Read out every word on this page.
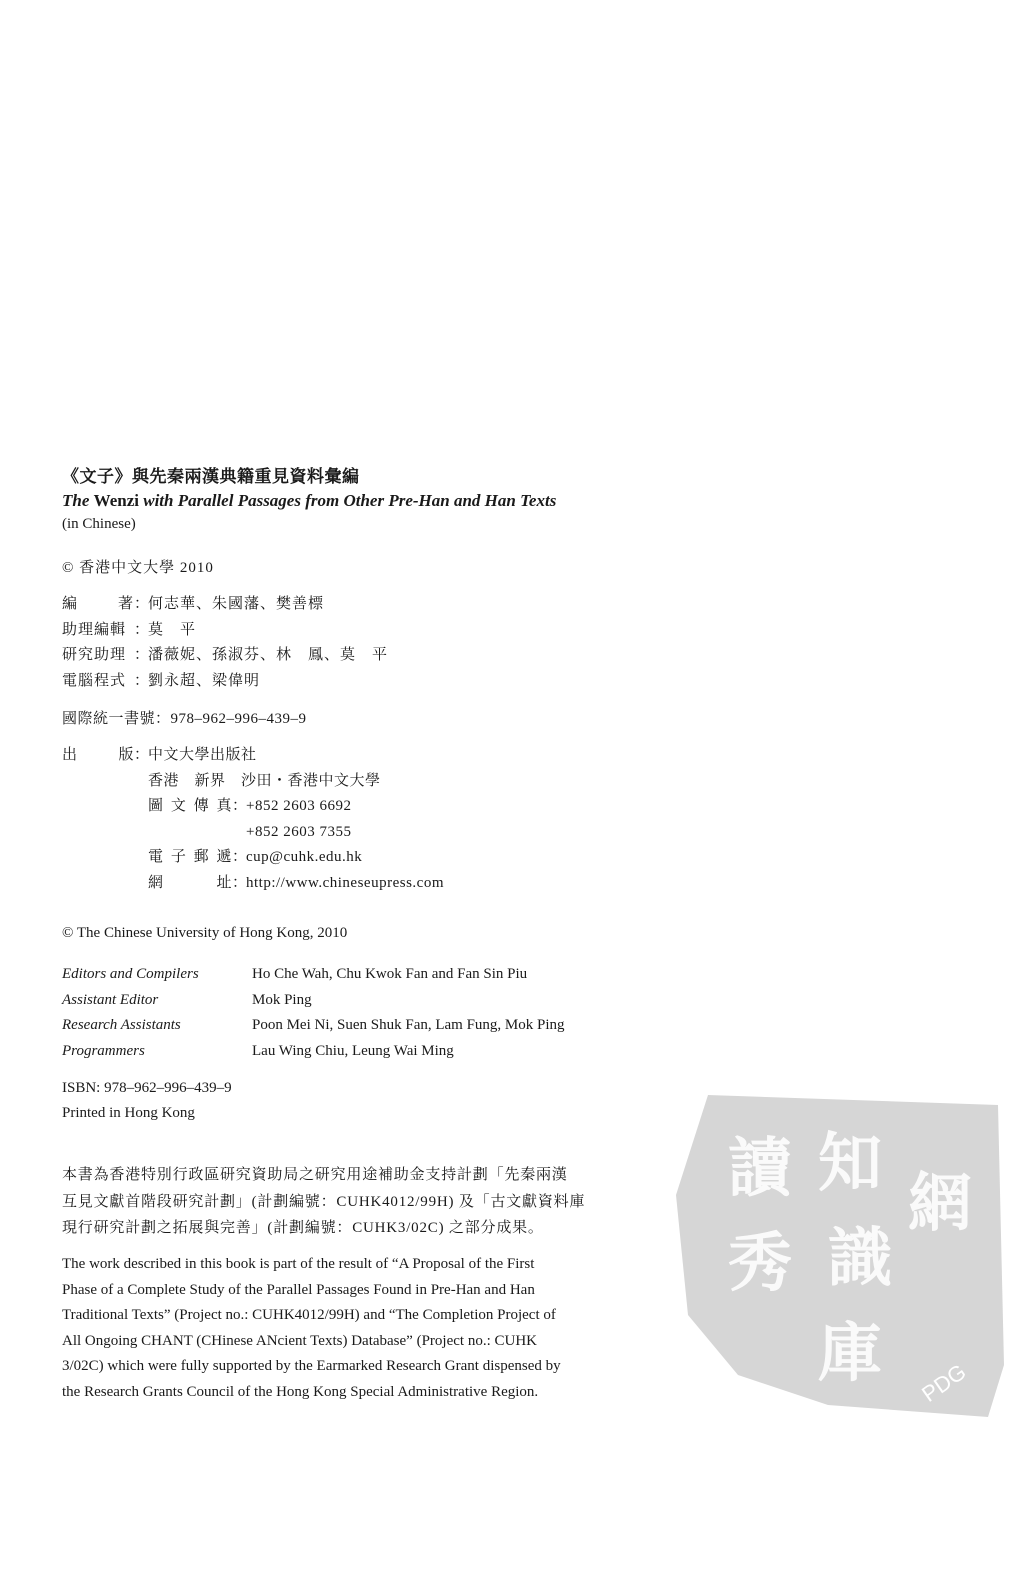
《文子》與先秦兩漢典籍重見資料彙編
The Wenzi with Parallel Passages from Other Pre-Han and Han Texts
(in Chinese)
© 香港中文大學 2010
編著：何志華、朱國藩、樊善標
助理編輯 ：莫　平
研究助理 ：潘薇妮、孫淑芬、林　鳳、莫　平
電腦程式 ：劉永超、梁偉明
國際統一書號：978–962–996–439–9
出版：中文大學出版社
香港　新界　沙田・香港中文大學
圖文傳真：+852 2603 6692
+852 2603 7355
電子郵遞：cup@cuhk.edu.hk
網址：http://www.chineseupress.com
© The Chinese University of Hong Kong, 2010
Editors and Compilers	Ho Che Wah, Chu Kwok Fan and Fan Sin Piu
Assistant Editor	Mok Ping
Research Assistants	Poon Mei Ni, Suen Shuk Fan, Lam Fung, Mok Ping
Programmers	Lau Wing Chiu, Leung Wai Ming
ISBN: 978–962–996–439–9
Printed in Hong Kong
本書為香港特別行政區研究資助局之研究用途補助金支持計劃「先秦兩漢
互見文獻首階段研究計劃」(計劃編號：CUHK4012/99H) 及「古文獻資料庫
現行研究計劃之拓展與完善」(計劃編號：CUHK3/02C) 之部分成果。
The work described in this book is part of the result of “A Proposal of the First
Phase of a Complete Study of the Parallel Passages Found in Pre-Han and Han
Traditional Texts” (Project no.: CUHK4012/99H) and “The Completion Project of
All Ongoing CHANT (CHinese ANcient Texts) Database” (Project no.: CUHK
3/02C) which were fully supported by the Earmarked Research Grant dispensed by
the Research Grants Council of the Hong Kong Special Administrative Region.
讀
秀
知
識
庫
網
PDG
